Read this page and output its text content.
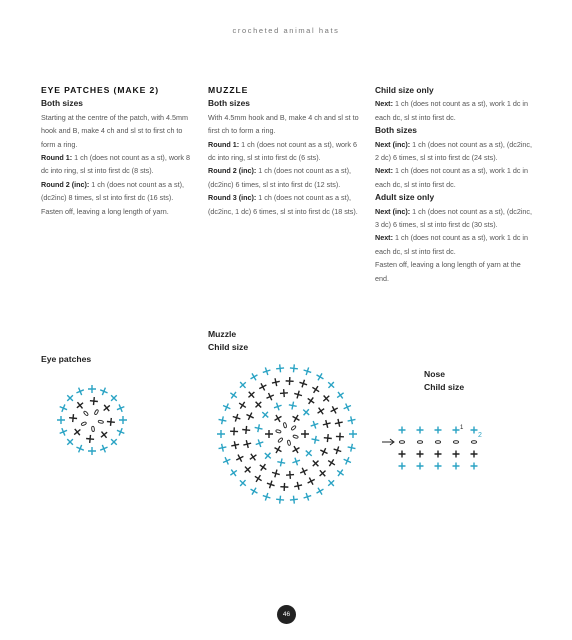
crocheted animal hats
EYE PATCHES (MAKE 2)
Both sizes
Starting at the centre of the patch, with 4.5mm hook and B, make 4 ch and sl st to first ch to form a ring.
Round 1: 1 ch (does not count as a st), work 8 dc into ring, sl st into first dc (8 sts).
Round 2 (inc): 1 ch (does not count as a st), (dc2inc) 8 times, sl st into first dc (16 sts).
Fasten off, leaving a long length of yarn.
MUZZLE
Both sizes
With 4.5mm hook and B, make 4 ch and sl st to first ch to form a ring.
Round 1: 1 ch (does not count as a st), work 6 dc into ring, sl st into first dc (6 sts).
Round 2 (inc): 1 ch (does not count as a st), (dc2inc) 6 times, sl st into first dc (12 sts).
Round 3 (inc): 1 ch (does not count as a st), (dc2inc, 1 dc) 6 times, sl st into first dc (18 sts).
Child size only
Next: 1 ch (does not count as a st), work 1 dc in each dc, sl st into first dc.
Both sizes
Next (inc): 1 ch (does not count as a st), (dc2inc, 2 dc) 6 times, sl st into first dc (24 sts).
Next: 1 ch (does not count as a st), work 1 dc in each dc, sl st into first dc.
Adult size only
Next (inc): 1 ch (does not count as a st), (dc2inc, 3 dc) 6 times, sl st into first dc (30 sts).
Next: 1 ch (does not count as a st), work 1 dc in each dc, sl st into first dc.
Fasten off, leaving a long length of yarn at the end.
Eye patches
Muzzle
Child size
Nose
Child size
2
1
46
